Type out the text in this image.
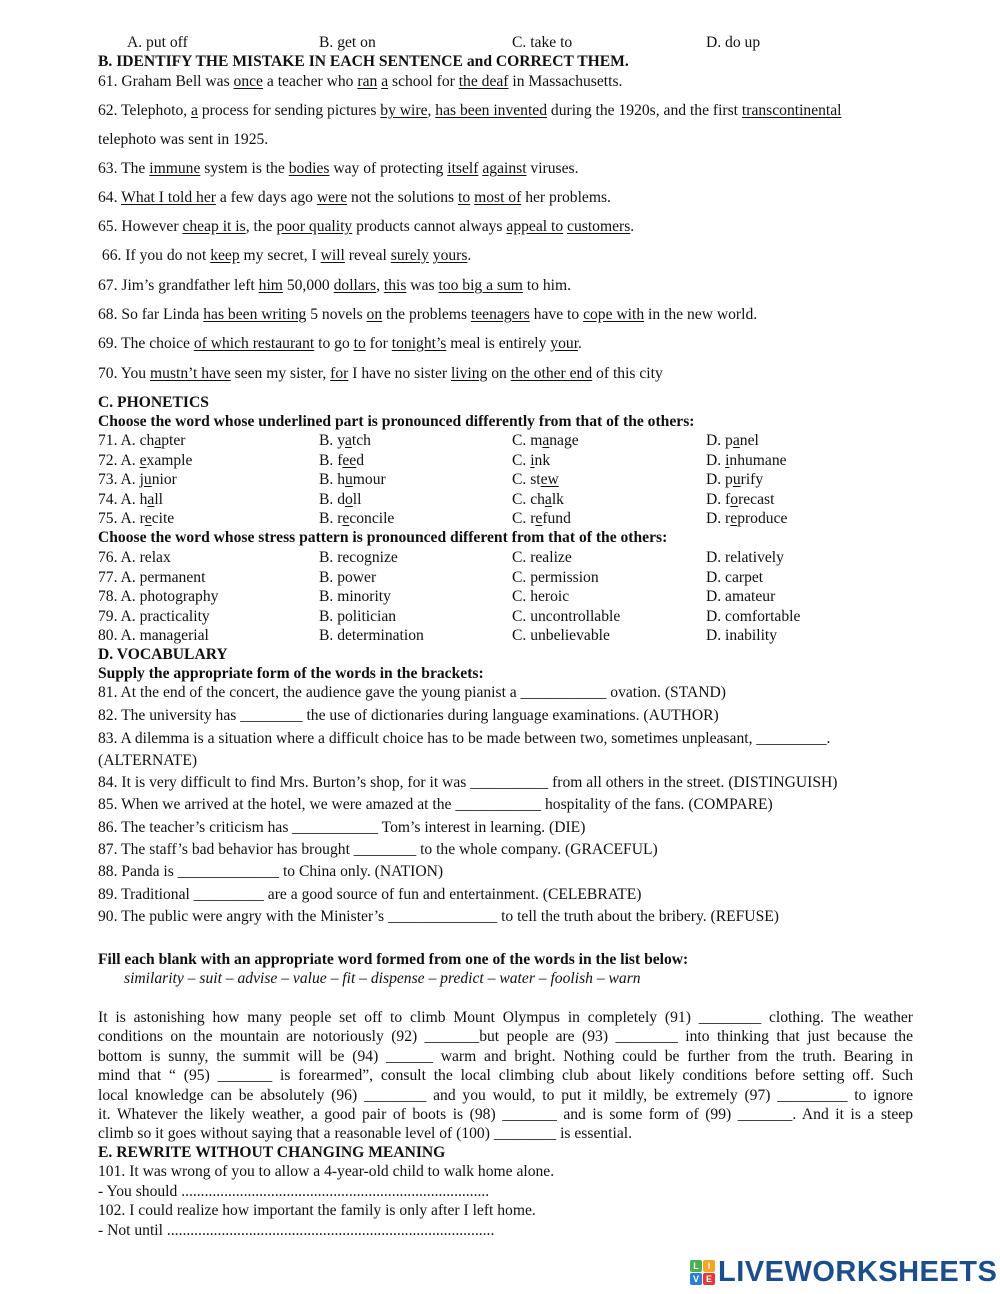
A. put off	B. get on	C. take to	D. do up
B. IDENTIFY THE MISTAKE IN EACH SENTENCE and CORRECT THEM.
61. Graham Bell was once a teacher who ran a school for the deaf in Massachusetts.
62. Telephoto, a process for sending pictures by wire, has been invented during the 1920s, and the first transcontinental
telephoto was sent in 1925.
63. The immune system is the bodies way of protecting itself against viruses.
64. What I told her a few days ago were not the solutions to most of her problems.
65. However cheap it is, the poor quality products cannot always appeal to customers.
66. If you do not keep my secret, I will reveal surely yours.
67. Jim’s grandfather left him 50,000 dollars, this was too big a sum to him.
68. So far Linda has been writing 5 novels on the problems teenagers have to cope with in the new world.
69. The choice of which restaurant to go to for tonight’s meal is entirely your.
70. You mustn’t have seen my sister, for I have no sister living on the other end of this city
C. PHONETICS
Choose the word whose underlined part is pronounced differently from that of the others:
71. A. chapter	B. yatch	C. manage	D. panel
72. A. example	B. feed	C. ink	D. inhumane
73. A. junior	B. humour	C. stew	D. purify
74. A. hall	B. doll	C. chalk	D. forecast
75. A. recite	B. reconcile	C. refund	D. reproduce
Choose the word whose stress pattern is pronounced different from that of the others:
76. A. relax	B. recognize	C. realize	D. relatively
77. A. permanent	B. power	C. permission	D. carpet
78. A. photography	B. minority	C. heroic	D. amateur
79. A. practicality	B. politician	C. uncontrollable	D. comfortable
80. A. managerial	B. determination	C. unbelievable	D. inability
D. VOCABULARY
Supply the appropriate form of the words in the brackets:
81. At the end of the concert, the audience gave the young pianist a ___________ ovation. (STAND)
82. The university has ________ the use of dictionaries during language examinations. (AUTHOR)
83. A dilemma is a situation where a difficult choice has to be made between two, sometimes unpleasant, _________.
(ALTERNATE)
84. It is very difficult to find Mrs. Burton’s shop, for it was __________ from all others in the street. (DISTINGUISH)
85. When we arrived at the hotel, we were amazed at the ___________ hospitality of the fans. (COMPARE)
86. The teacher’s criticism has ___________ Tom’s interest in learning. (DIE)
87. The staff’s bad behavior has brought ________ to the whole company. (GRACEFUL)
88. Panda is _____________ to China only. (NATION)
89. Traditional _________ are a good source of fun and entertainment. (CELEBRATE)
90. The public were angry with the Minister’s ______________ to tell the truth about the bribery. (REFUSE)
Fill each blank with an appropriate word formed from one of the words in the list below:
similarity – suit – advise – value – fit – dispense – predict – water – foolish – warn
It is astonishing how many people set off to climb Mount Olympus in completely (91) ________ clothing. The weather
conditions on the mountain are notoriously (92) _______but people are (93) ________ into thinking that just because the
bottom is sunny, the summit will be (94) ______ warm and bright. Nothing could be further from the truth. Bearing in
mind that “ (95) _______ is forearmed”, consult the local climbing club about likely conditions before setting off. Such
local knowledge can be absolutely (96) ________ and you would, to put it mildly, be extremely (97) _________ to ignore
it. Whatever the likely weather, a good pair of boots is (98) _______ and is some form of (99) _______. And it is a steep
climb so it goes without saying that a reasonable level of (100) ________ is essential.
E. REWRITE WITHOUT CHANGING MEANING
101. It was wrong of you to allow a 4-year-old child to walk home alone.
- You should ...............................................................................
102. I could realize how important the family is only after I left home.
- Not until ....................................................................................
L I
V E LIVEWORKSHEETS
